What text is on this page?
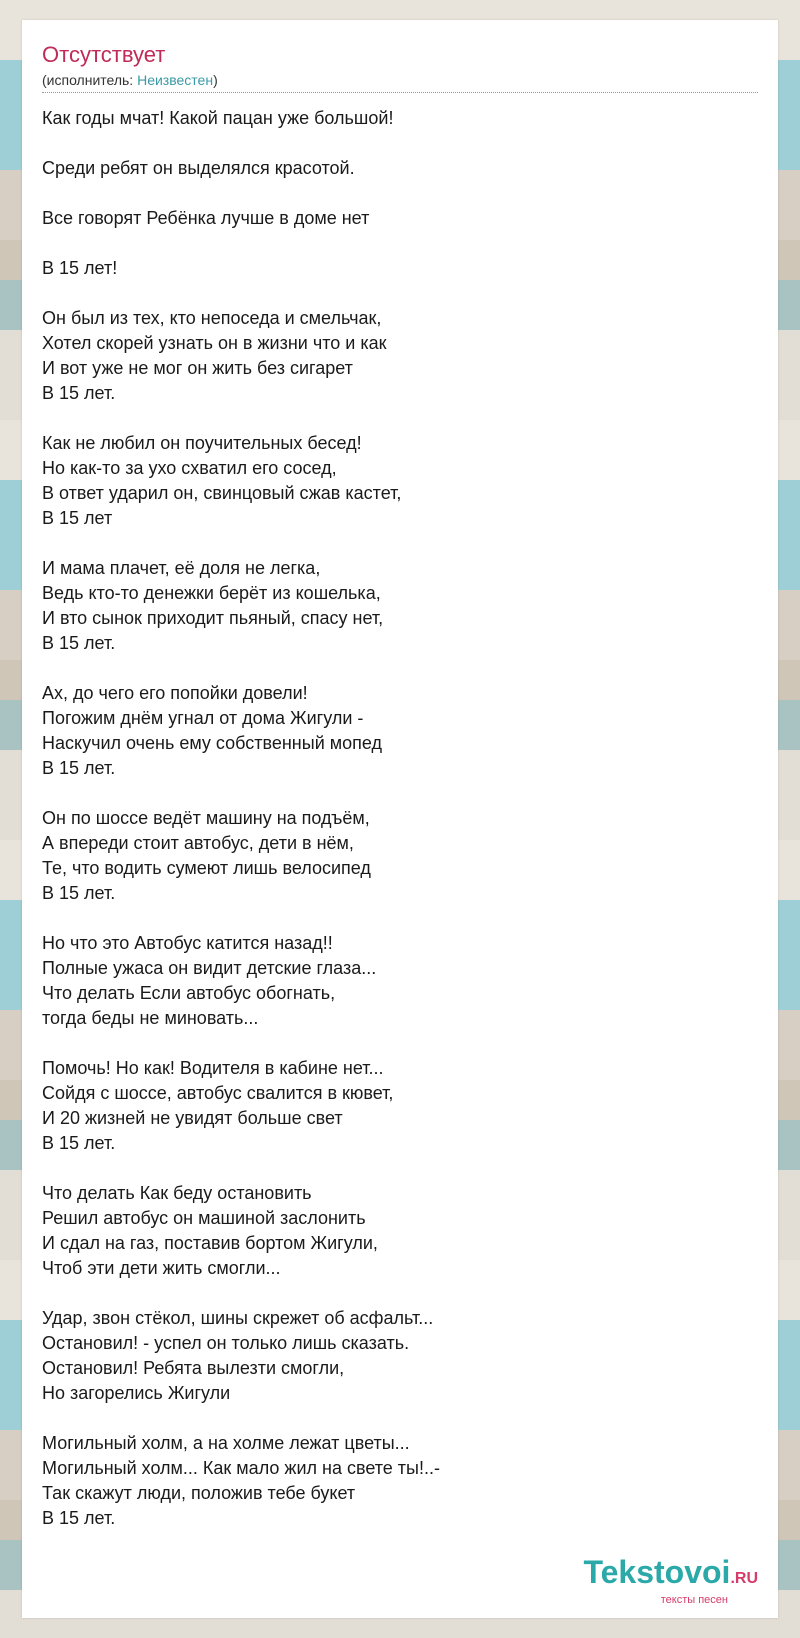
Отсутствует
(исполнитель: Неизвестен)
Как годы мчат! Какой пацан уже большой!
Среди ребят он выделялся красотой.
Все говорят Ребёнка лучше в доме нет
В 15 лет!
Он был из тех, кто непоседа и смельчак,
Хотел скорей узнать он в жизни что и как
И вот уже не мог он жить без сигарет
В 15 лет.
Как не любил он поучительных бесед!
Но как-то за ухо схватил его сосед,
В ответ ударил он, свинцовый сжав кастет,
В 15 лет
И мама плачет, её доля не легка,
Ведь кто-то денежки берёт из кошелька,
И вто сынок приходит пьяный, спасу нет,
В 15 лет.
Ах, до чего его попойки довели!
Погожим днём угнал от дома Жигули -
Наскучил очень ему собственный мопед
В 15 лет.
Он по шоссе ведёт машину на подъём,
А впереди стоит автобус, дети в нём,
Те, что водить сумеют лишь велосипед
В 15 лет.
Но что это Автобус катится назад!!
Полные ужаса он видит детские глаза...
Что делать Если автобус обогнать,
тогда беды не миновать...
Помочь! Но как! Водителя в кабине нет...
Сойдя с шоссе, автобус свалится в кювет,
И 20 жизней не увидят больше свет
В 15 лет.
Что делать Как беду остановить
Решил автобус он машиной заслонить
И сдал на газ, поставив бортом Жигули,
Чтоб эти дети жить смогли...
Удар, звон стёкол, шины скрежет об асфальт...
Остановил! - успел он только лишь сказать.
Остановил! Ребята вылезти смогли,
Но загорелись Жигули
Могильный холм, а на холме лежат цветы...
Могильный холм... Как мало жил на свете ты!..-
Так скажут люди, положив тебе букет
В 15 лет.
Tekstovoi.RU
тексты песен
